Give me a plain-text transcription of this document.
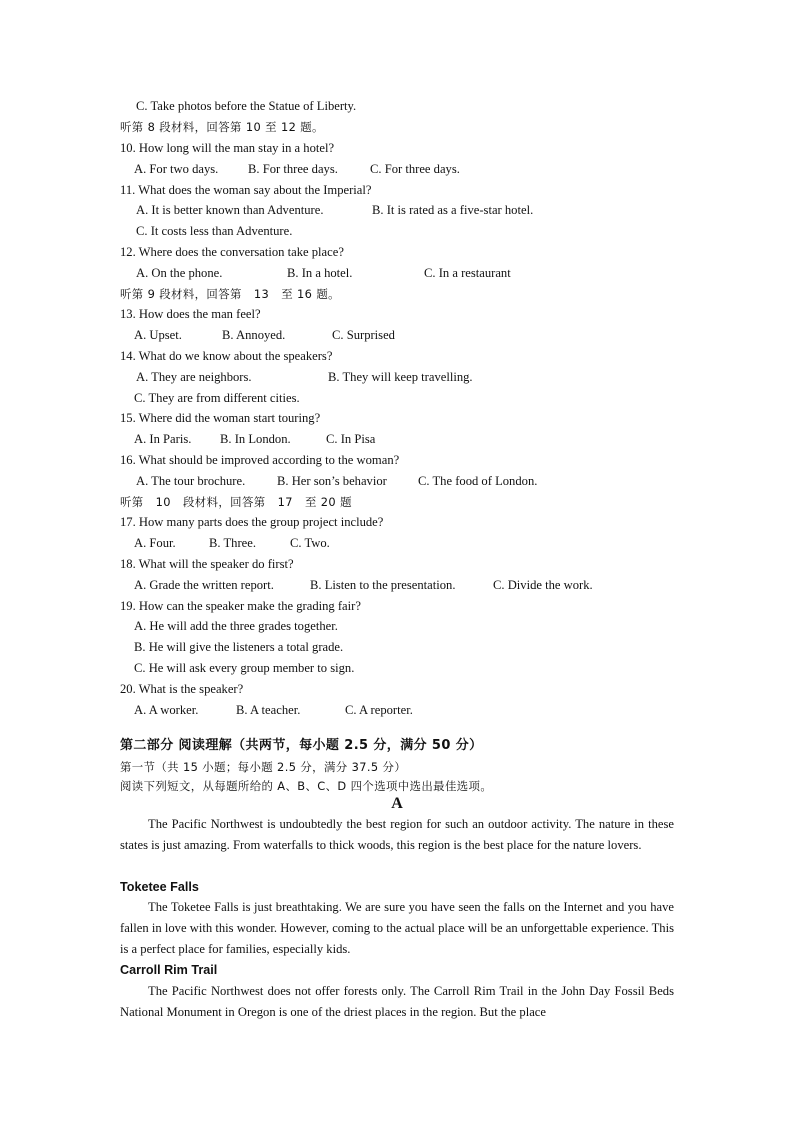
C. Take photos before the Statue of Liberty.
听第 8 段材料，回答第 10 至 12 题。
10. How long will the man stay in a hotel?
A. For two days. B. For three days.	C. For three days.
11. What does the woman say about the Imperial?
A. It is better known than Adventure.	B. It is rated as a five-star hotel.
C. It costs less than Adventure.
12. Where does the conversation take place?
A. On the phone.	B. In a hotel.	C. In a restaurant
听第 9 段材料，回答第   13   至 16 题。
13. How does the man feel?
A. Upset.	B. Annoyed.	C. Surprised
14. What do we know about the speakers?
A. They are neighbors.	B. They will keep travelling.
C. They are from different cities.
15. Where did the woman start touring?
A. In Paris. B. In London.	C. In Pisa
16. What should be improved according to the woman?
A. The tour brochure.	B. Her son’s behavior C. The food of London.
听第   10   段材料，回答第   17   至 20 题
17. How many parts does the group project include?
A. Four.	B. Three.	C. Two.
18. What will the speaker do first?
A. Grade the written report.	B. Listen to the presentation.	C. Divide the work.
19. How can the speaker make the grading fair?
A. He will add the three grades together.
B. He will give the listeners a total grade.
C. He will ask every group member to sign.
20. What is the speaker?
A. A worker.	B. A teacher.	C. A reporter.
第二部分 阅读理解（共两节，每小题 2.5 分，满分 50 分）
第一节（共 15 小题；每小题 2.5 分，满分 37.5 分）
阅读下列短文，从每题所给的 A、B、C、D 四个选项中选出最佳选项。
A
The Pacific Northwest is undoubtedly the best region for such an outdoor activity. The nature in these states is just amazing. From waterfalls to thick woods, this region is the best place for the nature lovers.
Toketee Falls
The Toketee Falls is just breathtaking. We are sure you have seen the falls on the Internet and you have fallen in love with this wonder. However, coming to the actual place will be an unforgettable experience. This is a perfect place for families, especially kids.
Carroll Rim Trail
The Pacific Northwest does not offer forests only. The Carroll Rim Trail in the John Day Fossil Beds National Monument in Oregon is one of the driest places in the region. But the place
